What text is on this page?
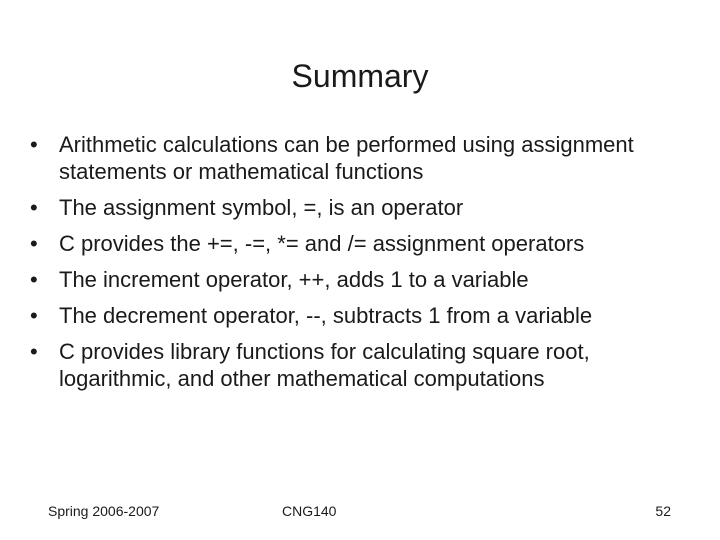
Summary
• Arithmetic calculations can be performed using assignment statements or mathematical functions
• The assignment symbol, =, is an operator
• C provides the +=, -=, *= and /= assignment operators
• The increment operator, ++, adds 1 to a variable
• The decrement operator, --, subtracts 1 from a variable
• C provides library functions for calculating square root, logarithmic, and other mathematical computations
Spring 2006-2007	CNG140	52
